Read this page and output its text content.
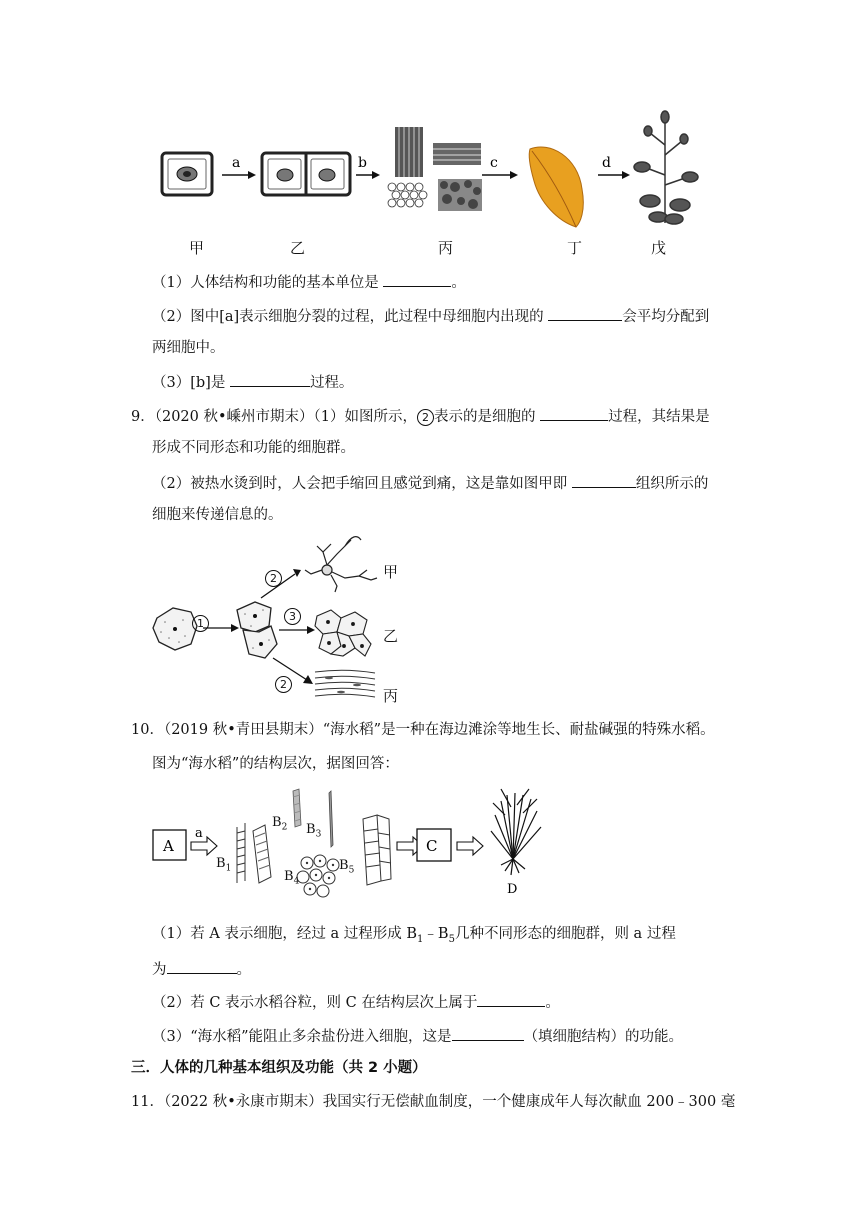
a	b	c	d
甲	乙	丙	丁	戊
（1）人体结构和功能的基本单位是	。
（2）图中[a]表示细胞分裂的过程，此过程中母细胞内出现的	会平均分配到
两细胞中。
（3）[b]是	过程。
9．（2020 秋•嵊州市期末）（1）如图所示， 2 表示的是细胞的	过程，其结果是
形成不同形态和功能的细胞群。
（2）被热水烫到时，人会把手缩回且感觉到痛，这是靠如图甲即	组织所示的
细胞来传递信息的。
1
2
3
2
甲
乙
丙
10．（2019 秋•青田县期末）“海水稻”是一种在海边滩涂等地生长、耐盐碱强的特殊水稻。
图为“海水稻”的结构层次，据图回答：
A
a
C
D
$B_1$
$B_2$ $B_3$
$B_4$
$B_5$
（1）若 A 表示细胞，经过 a 过程形成 $B_1﹣B_5$几种不同形态的细胞群，则 a 过程
为	。
（2）若 C 表示水稻谷粒，则 C 在结构层次上属于	。
（3）“海水稻”能阻止多余盐份进入细胞，这是	（填细胞结构）的功能。
三．人体的几种基本组织及功能（共 2 小题）
11．（2022 秋•永康市期末）我国实行无偿献血制度，一个健康成年人每次献血 200﹣300 毫
